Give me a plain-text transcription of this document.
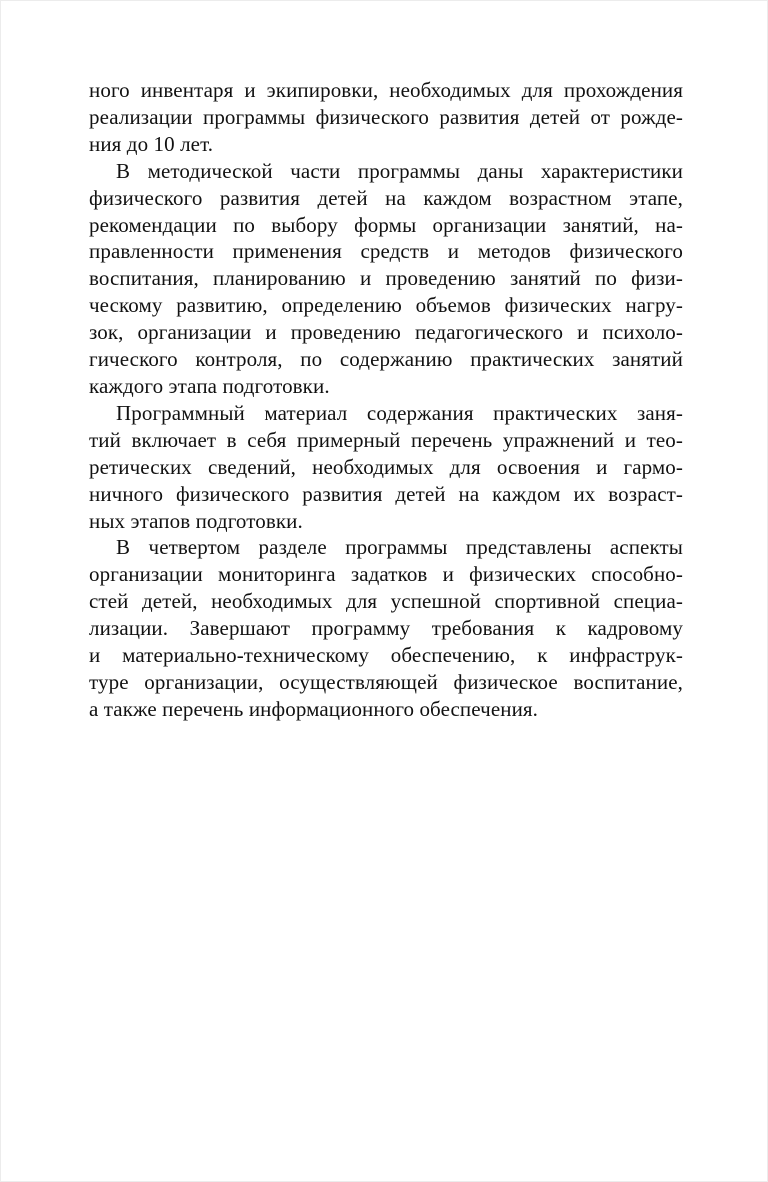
ного инвентаря и экипировки, необходимых для прохождения
реализации программы физического развития детей от рожде-
ния до 10 лет.
В методической части программы даны характеристики
физического развития детей на каждом возрастном этапе,
рекомендации по выбору формы организации занятий, на-
правленности применения средств и методов физического
воспитания, планированию и проведению занятий по физи-
ческому развитию, определению объемов физических нагру-
зок, организации и проведению педагогического и психоло-
гического контроля, по содержанию практических занятий
каждого этапа подготовки.
Программный материал содержания практических заня-
тий включает в себя примерный перечень упражнений и тео-
ретических сведений, необходимых для освоения и гармо-
ничного физического развития детей на каждом их возраст-
ных этапов подготовки.
В четвертом разделе программы представлены аспекты
организации мониторинга задатков и физических способно-
стей детей, необходимых для успешной спортивной специа-
лизации. Завершают программу требования к кадровому
и материально-техническому обеспечению, к инфраструк-
туре организации, осуществляющей физическое воспитание,
а также перечень информационного обеспечения.
